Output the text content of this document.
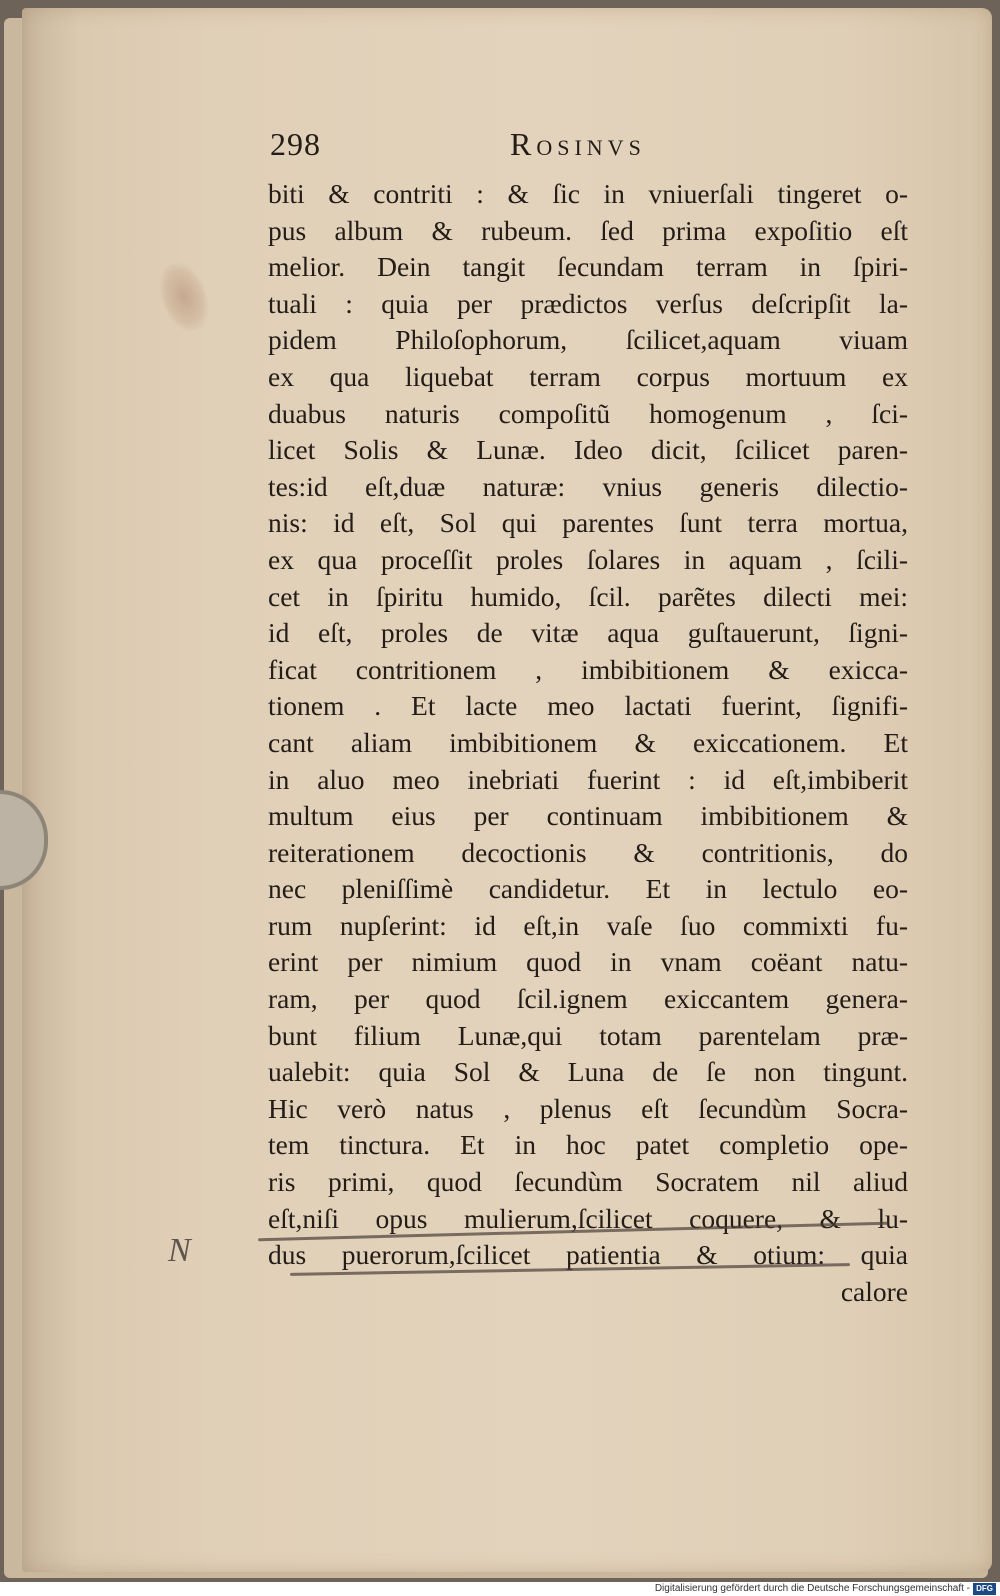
298	Rosinvs
biti & contriti : & ſic in vniuerſali tingeret o-
pus album & rubeum. ſed prima expoſitio eſt
melior. Dein tangit ſecundam terram in ſpiri-
tuali : quia per prædictos verſus deſcripſit la-
pidem Philoſophorum, ſcilicet,aquam viuam
ex qua liquebat terram corpus mortuum ex
duabus naturis compoſitũ homogenum , ſci-
licet Solis & Lunæ. Ideo dicit, ſcilicet paren-
tes:id eſt,duæ naturæ: vnius generis dilectio-
nis: id eſt, Sol qui parentes ſunt terra mortua,
ex qua proceſſit proles ſolares in aquam , ſcili-
cet in ſpiritu humido, ſcil. parẽtes dilecti mei:
id eſt, proles de vitæ aqua guſtauerunt, ſigni-
ficat contritionem , imbibitionem & exicca-
tionem . Et lacte meo lactati fuerint, ſignifi-
cant aliam imbibitionem & exiccationem. Et
in aluo meo inebriati fuerint : id eſt,imbiberit
multum eius per continuam imbibitionem &
reiterationem decoctionis & contritionis, do
nec pleniſſimè candidetur. Et in lectulo eo-
rum nupſerint: id eſt,in vaſe ſuo commixti fu-
erint per nimium quod in vnam coëant natu-
ram, per quod ſcil.ignem exiccantem genera-
bunt filium Lunæ,qui totam parentelam præ-
ualebit: quia Sol & Luna de ſe non tingunt.
Hic verò natus , plenus eſt ſecundùm Socra-
tem tinctura. Et in hoc patet completio ope-
ris primi, quod ſecundùm Socratem nil aliud
eſt,niſi opus mulierum,ſcilicet coquere, & lu-
dus puerorum,ſcilicet patientia & otium: quia
calore
N
Digitalisierung gefördert durch die Deutsche Forschungsgemeinschaft - DFG
